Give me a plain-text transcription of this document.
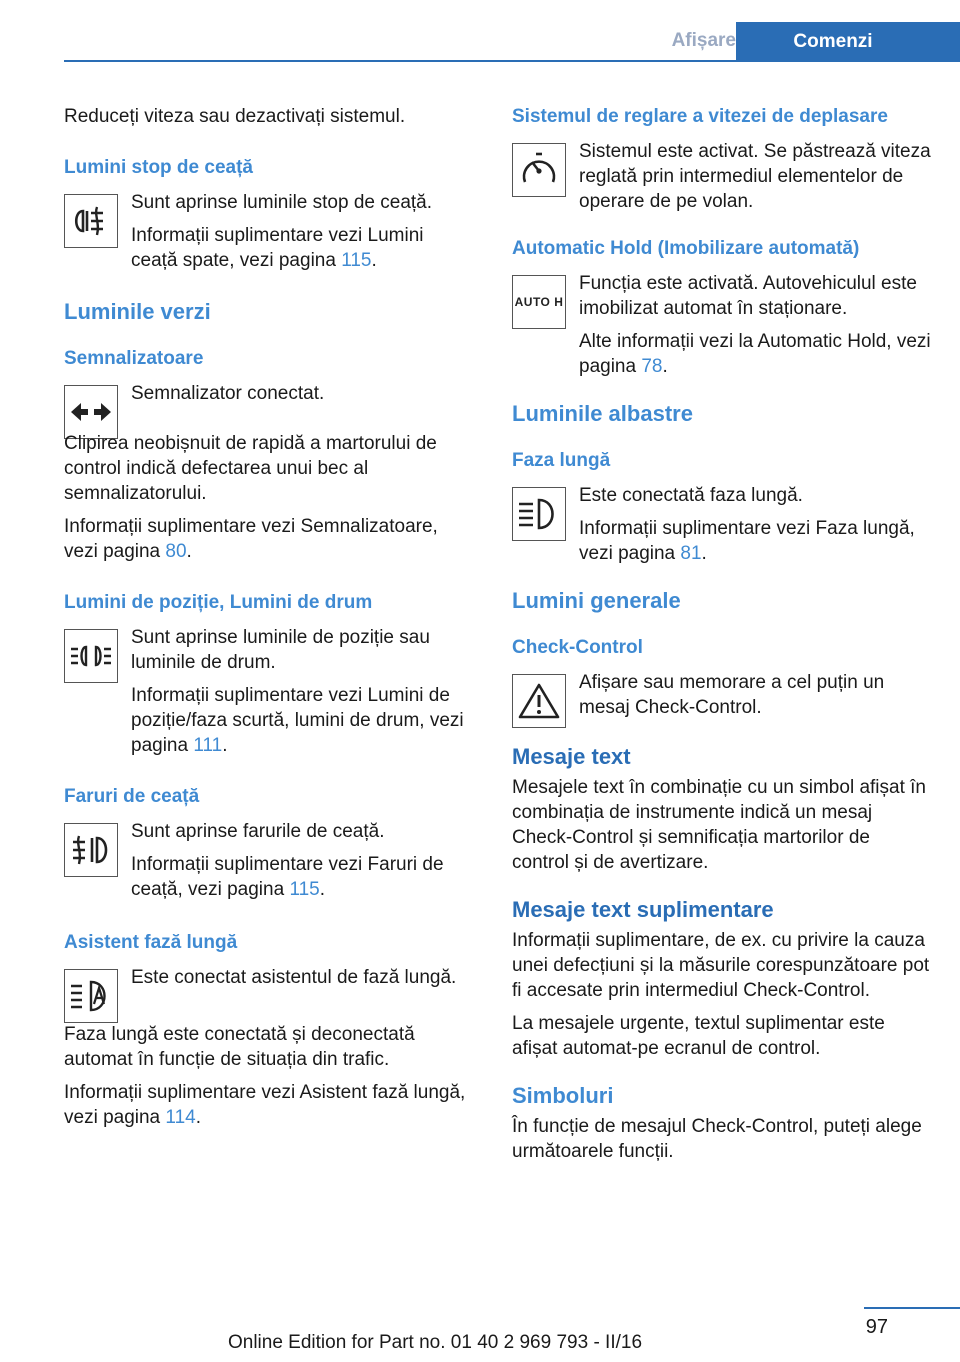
Afișare	Comenzi

Reduceți viteza sau dezactivați sistemul.

Lumini stop de ceață

Sunt aprinse luminile stop de ceață.

Informații suplimentare vezi Lumini ceață spate, vezi pagina 115.

Luminile verzi
Semnalizatoare

Semnalizator conectat.

Clipirea neobișnuit de rapidă a martorului de control indică defectarea unui bec al semnalizatorului.

Informații suplimentare vezi Semnalizatoare, vezi pagina 80.

Lumini de poziție, Lumini de drum

Sunt aprinse luminile de poziție sau luminile de drum.

Informații suplimentare vezi Lumini de poziție/faza scurtă, lumini de drum, vezi pagina 111.

Faruri de ceață

Sunt aprinse farurile de ceață.

Informații suplimentare vezi Faruri de ceață, vezi pagina 115.

Asistent fază lungă

Este conectat asistentul de fază lungă.

Faza lungă este conectată și deconectată automat în funcție de situația din trafic.

Informații suplimentare vezi Asistent fază lungă, vezi pagina 114.

Sistemul de reglare a vitezei de deplasare

Sistemul este activat. Se păstrează viteza reglată prin intermediul elementelor de operare de pe volan.

Automatic Hold (Imobilizare automată)
AUTO H

Funcția este activată. Autovehiculul este imobilizat automat în staționare.

Alte informații vezi la Automatic Hold, vezi pagina 78.

Luminile albastre
Faza lungă

Este conectată faza lungă.

Informații suplimentare vezi Faza lungă, vezi pagina 81.

Lumini generale
Check-Control

Afișare sau memorare a cel puțin un mesaj Check-Control.

Mesaje text

Mesajele text în combinație cu un simbol afișat în combinația de instrumente indică un mesaj Check-Control și semnificația martorilor de control și de avertizare.

Mesaje text suplimentare

Informații suplimentare, de ex. cu privire la cauza unei defecțiuni și la măsurile corespunzătoare pot fi accesate prin intermediul Check-Control.

La mesajele urgente, textul suplimentar este afișat automat-pe ecranul de control.

Simboluri

În funcție de mesajul Check-Control, puteți alege următoarele funcții.

97
Online Edition for Part no. 01 40 2 969 793 - II/16
